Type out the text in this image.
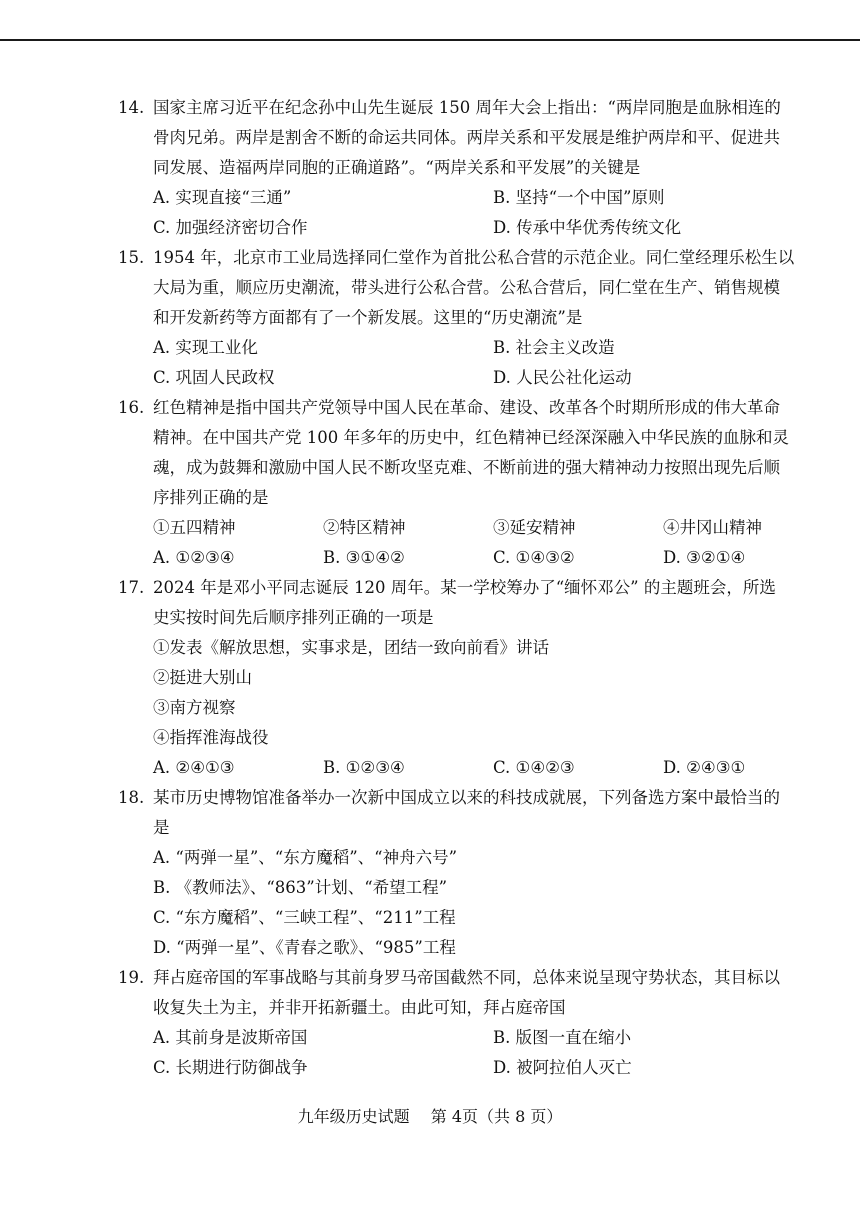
14. 国家主席习近平在纪念孙中山先生诞辰 150 周年大会上指出：“两岸同胞是血脉相连的
骨肉兄弟。两岸是割舍不断的命运共同体。两岸关系和平发展是维护两岸和平、促进共
同发展、造福两岸同胞的正确道路”。“两岸关系和平发展”的关键是
A. 实现直接“三通”	B. 坚持“一个中国”原则
C. 加强经济密切合作	D. 传承中华优秀传统文化
15. 1954 年，北京市工业局选择同仁堂作为首批公私合营的示范企业。同仁堂经理乐松生以
大局为重，顺应历史潮流，带头进行公私合营。公私合营后，同仁堂在生产、销售规模
和开发新药等方面都有了一个新发展。这里的“历史潮流”是
A. 实现工业化	B. 社会主义改造
C. 巩固人民政权	D. 人民公社化运动
16. 红色精神是指中国共产党领导中国人民在革命、建设、改革各个时期所形成的伟大革命
精神。在中国共产党 100 年多年的历史中，红色精神已经深深融入中华民族的血脉和灵
魂，成为鼓舞和激励中国人民不断攻坚克难、不断前进的强大精神动力按照出现先后顺
序排列正确的是
①五四精神	②特区精神	③延安精神	④井冈山精神
A. ①②③④	B. ③①④②	C. ①④③②	D. ③②①④
17. 2024 年是邓小平同志诞辰 120 周年。某一学校筹办了“缅怀邓公” 的主题班会，所选
史实按时间先后顺序排列正确的一项是
①发表《解放思想，实事求是，团结一致向前看》讲话
②挺进大别山
③南方视察
④指挥淮海战役
A. ②④①③	B. ①②③④	C. ①④②③	D. ②④③①
18. 某市历史博物馆准备举办一次新中国成立以来的科技成就展，下列备选方案中最恰当的
是
A. “两弹一星”、“东方魔稻”、“神舟六号”
B. 《教师法》、“863”计划、“希望工程”
C. “东方魔稻”、“三峡工程”、“211”工程
D. “两弹一星”、《青春之歌》、“985”工程
19. 拜占庭帝国的军事战略与其前身罗马帝国截然不同，总体来说呈现守势状态，其目标以
收复失土为主，并非开拓新疆土。由此可知，拜占庭帝国
A. 其前身是波斯帝国	B. 版图一直在缩小
C. 长期进行防御战争	D. 被阿拉伯人灭亡
九年级历史试题 第 4页（共 8 页）
